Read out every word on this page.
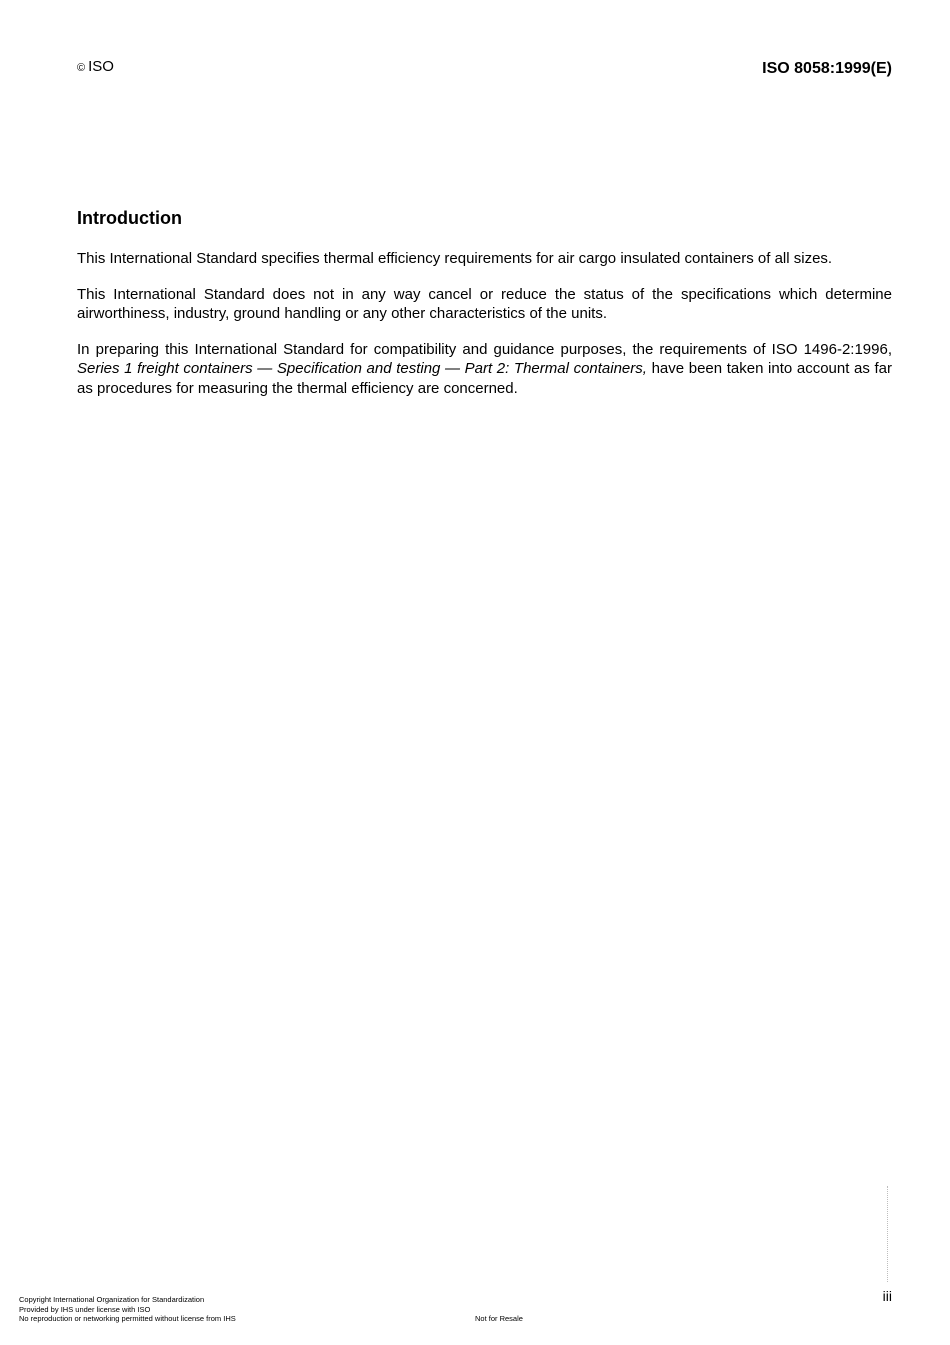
© ISO	ISO 8058:1999(E)
Introduction

This International Standard specifies thermal efficiency requirements for air cargo insulated containers of all sizes.

This International Standard does not in any way cancel or reduce the status of the specifications which determine airworthiness, industry, ground handling or any other characteristics of the units.

In preparing this International Standard for compatibility and guidance purposes, the requirements of ISO 1496-2:1996, Series 1 freight containers — Specification and testing — Part 2: Thermal containers, have been taken into account as far as procedures for measuring the thermal efficiency are concerned.

iii
Copyright International Organization for Standardization
Provided by IHS under license with ISO
No reproduction or networking permitted without license from IHS	Not for Resale
